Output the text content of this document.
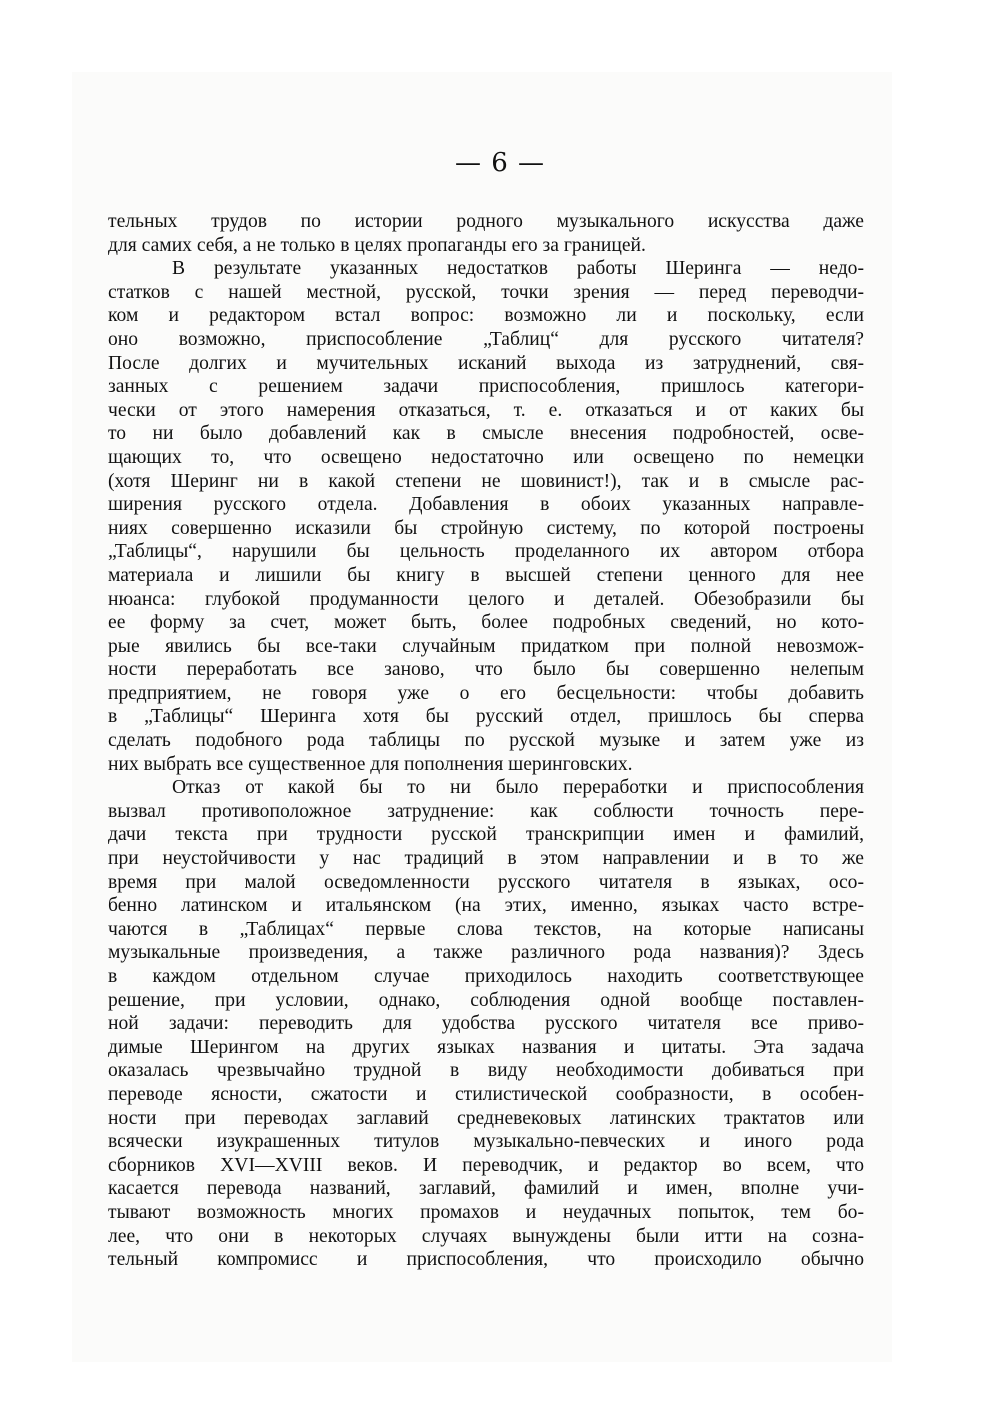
— 6 —
тельных трудов по истории родного музыкального искусства даже
для самих себя, а не только в целях пропаганды его за границей.
В результате указанных недостатков работы Шеринга — недо-
статков с нашей местной, русской, точки зрения — перед переводчи-
ком и редактором встал вопрос: возможно ли и поскольку, если
оно возможно, приспособление „Таблиц“ для русского читателя?
После долгих и мучительных исканий выхода из затруднений, свя-
занных с решением задачи приспособления, пришлось категори-
чески от этого намерения отказаться, т. е. отказаться и от каких бы
то ни было добавлений как в смысле внесения подробностей, осве-
щающих то, что освещено недостаточно или освещено по немецки
(хотя Шеринг ни в какой степени не шовинист!), так и в смысле рас-
ширения русского отдела. Добавления в обоих указанных направле-
ниях совершенно исказили бы стройную систему, по которой построены
„Таблицы“, нарушили бы цельность проделанного их автором отбора
материала и лишили бы книгу в высшей степени ценного для нее
нюанса: глубокой продуманности целого и деталей. Обезобразили бы
ее форму за счет, может быть, более подробных сведений, но кото-
рые явились бы все-таки случайным придатком при полной невозмож-
ности переработать все заново, что было бы совершенно нелепым
предприятием, не говоря уже о его бесцельности: чтобы добавить
в „Таблицы“ Шеринга хотя бы русский отдел, пришлось бы сперва
сделать подобного рода таблицы по русской музыке и затем уже из
них выбрать все существенное для пополнения шеринговских.
Отказ от какой бы то ни было переработки и приспособления
вызвал противоположное затруднение: как соблюсти точность пере-
дачи текста при трудности русской транскрипции имен и фамилий,
при неустойчивости у нас традиций в этом направлении и в то же
время при малой осведомленности русского читателя в языках, осо-
бенно латинском и итальянском (на этих, именно, языках часто встре-
чаются в „Таблицах“ первые слова текстов, на которые написаны
музыкальные произведения, а также различного рода названия)? Здесь
в каждом отдельном случае приходилось находить соответствующее
решение, при условии, однако, соблюдения одной вообще поставлен-
ной задачи: переводить для удобства русского читателя все приво-
димые Шерингом на других языках названия и цитаты. Эта задача
оказалась чрезвычайно трудной в виду необходимости добиваться при
переводе ясности, сжатости и стилистической сообразности, в особен-
ности при переводах заглавий средневековых латинских трактатов или
всячески изукрашенных титулов музыкально-певческих и иного рода
сборников XVI—XVIII веков. И переводчик, и редактор во всем, что
касается перевода названий, заглавий, фамилий и имен, вполне учи-
тывают возможность многих промахов и неудачных попыток, тем бо-
лее, что они в некоторых случаях вынуждены были итти на созна-
тельный компромисс и приспособления, что происходило обычно
